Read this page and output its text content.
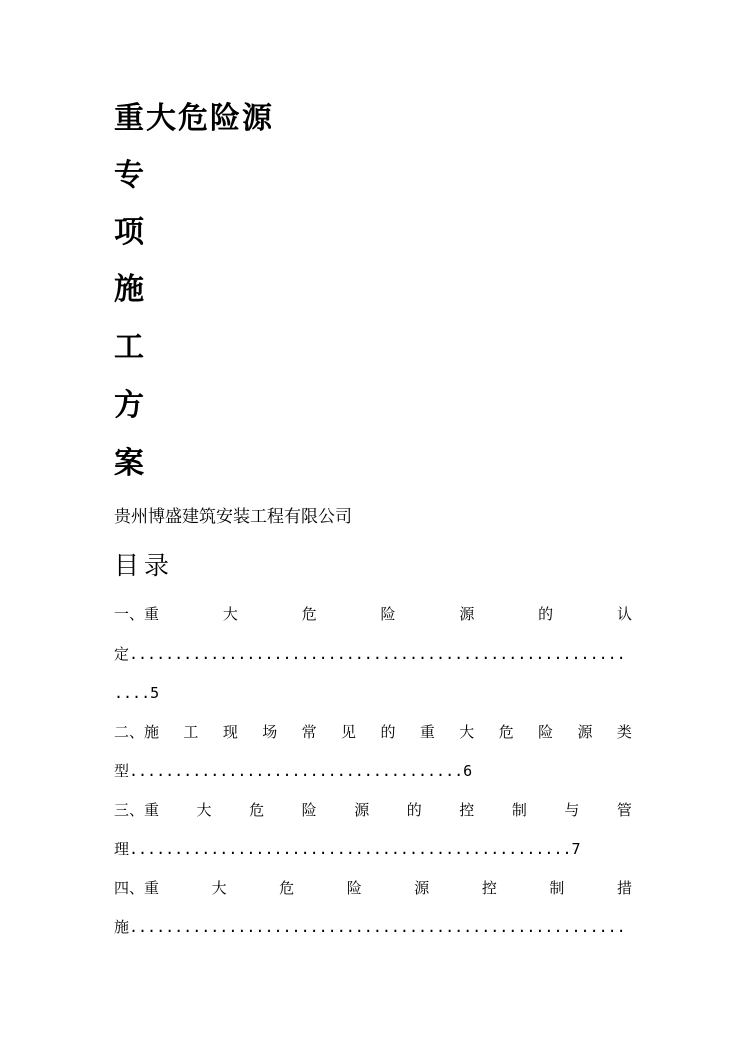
重大危险源
专
项
施
工
方
案
贵州博盛建筑安装工程有限公司
目录
一、重	大	危	险	源	的	认
定.......................................................
....5
二、施 工 现 场 常 见 的 重 大 危 险 源 类
型.....................................6
三、重	大	危	险	源	的	控	制	与	管
理.................................................7
四、重	大	危	险	源	控	制	措
施.......................................................
